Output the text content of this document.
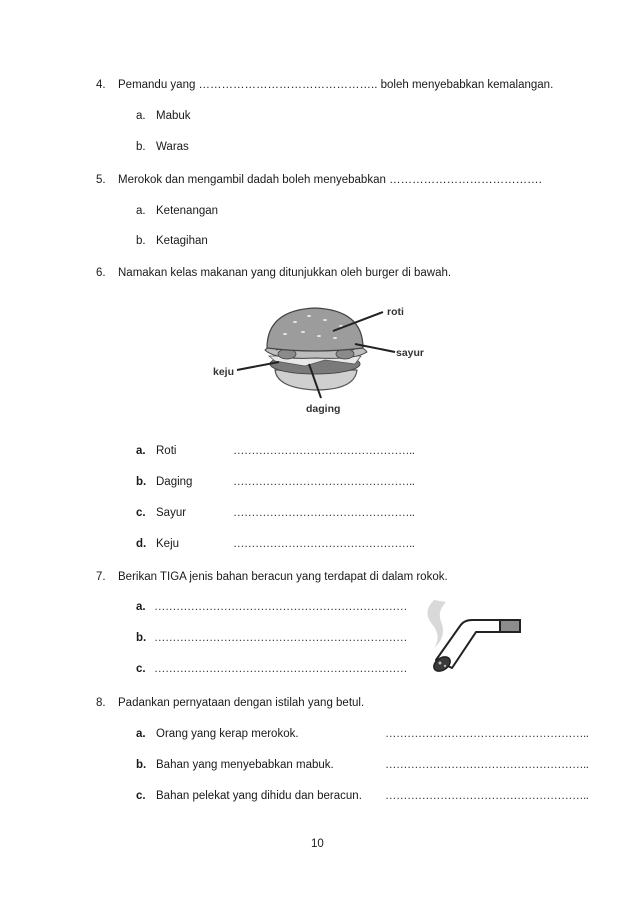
4. Pemandu yang ……………………………………….. boleh menyebabkan kemalangan.
a. Mabuk
b. Waras
5. Merokok dan mengambil dadah boleh menyebabkan ………………………………….
a. Ketenangan
b. Ketagihan
6. Namakan kelas makanan yang ditunjukkan oleh burger di bawah.
roti
sayur
keju
daging
a. Roti	…………………………………………..
b. Daging	…………………………………………..
c. Sayur	…………………………………………..
d. Keju	…………………………………………..
7. Berikan TIGA jenis bahan beracun yang terdapat di dalam rokok.
a. ……………………………………………………………
b. ……………………………………………………………
c. ……………………………………………………………
8. Padankan pernyataan dengan istilah yang betul.
a. Orang yang kerap merokok.	………………………………………………..
b. Bahan yang menyebabkan mabuk.	………………………………………………..
c. Bahan pelekat yang dihidu dan beracun. ………………………………………………..
10
